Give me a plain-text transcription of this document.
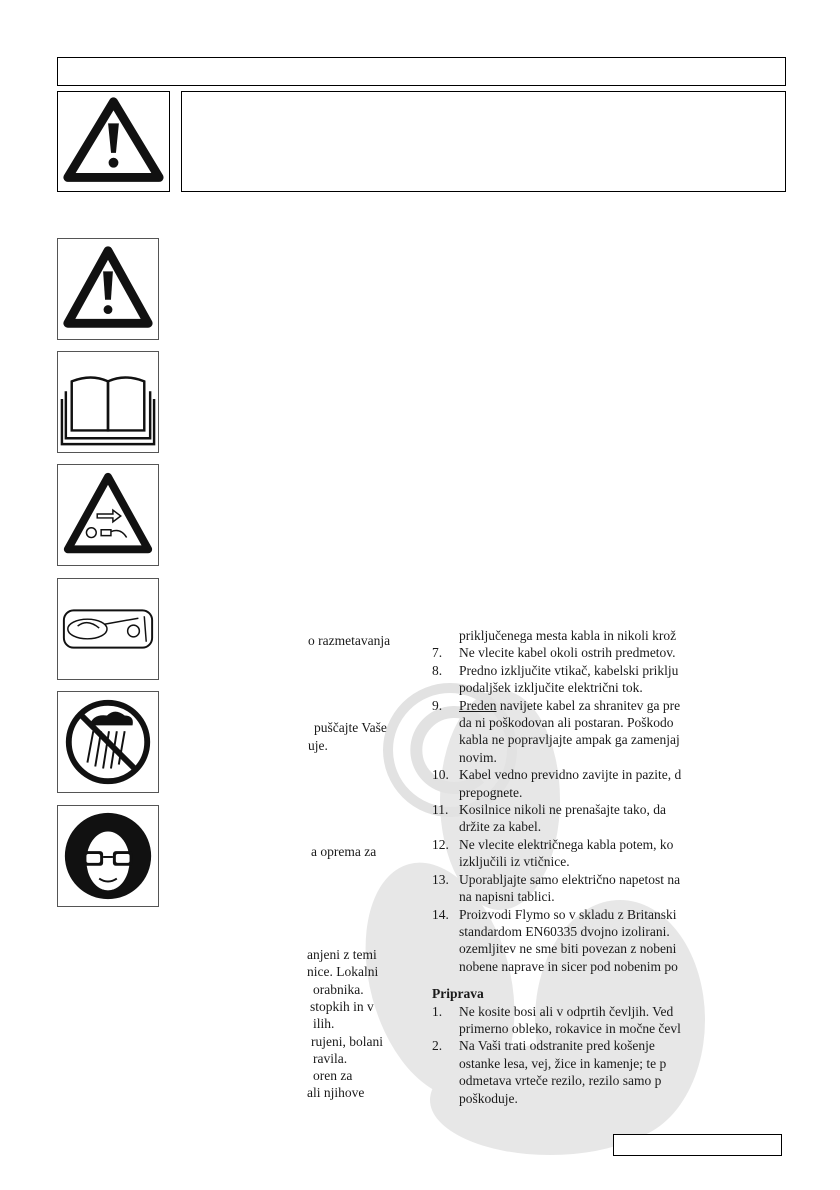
o razmetavanja
puščajte Vaše
uje.
a oprema za
anjeni z temi
nice. Lokalni
orabnika.
stopkih in v
ilih.
rujeni, bolani
ravila.
oren za
ali njihove
priključenega mesta kabla in nikoli krož
7.	Ne vlecite kabel okoli ostrih predmetov.
8.	Predno izključite vtikač, kabelski priklju
podaljšek izključite električni tok.
9.	Preden navijete kabel za shranitev ga pre
da ni poškodovan ali postaran. Poškodo
kabla ne popravljajte ampak ga zamenjaj
novim.
10. Kabel vedno previdno zavijte in pazite, d
prepognete.
11. Kosilnice nikoli ne prenašajte tako, da
držite za kabel.
12. Ne vlecite električnega kabla potem, ko
izključili iz vtičnice.
13. Uporabljajte samo električno napetost na
na napisni tablici.
14. Proizvodi Flymo so v skladu z Britanski
standardom EN60335 dvojno izolirani.
ozemljitev ne sme biti povezan z nobeni
nobene naprave in sicer pod nobenim po
Priprava
1.	Ne kosite bosi ali v odprtih čevljih. Ved
primerno obleko, rokavice in močne čevl
2.	Na Vaši trati odstranite pred košenje
ostanke lesa, vej, žice in kamenje; te p
odmetava vrteče rezilo, rezilo samo p
poškoduje.
